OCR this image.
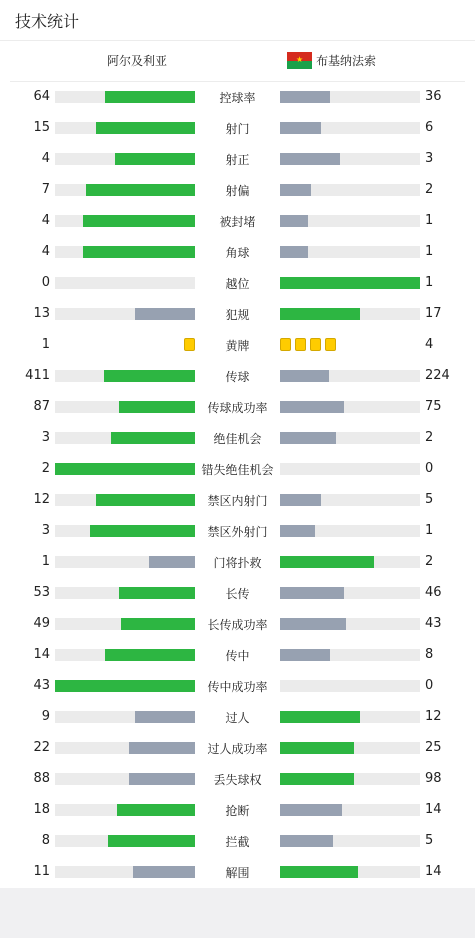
技术统计
阿尔及利亚	★ 布基纳法索
64	控球率	36
15	射门	6
4	射正	3
7	射偏	2
4	被封堵	1
4	角球	1
0	越位	1
13	犯规	17
1	黄牌	4
411	传球	224
87	传球成功率	75
3	绝佳机会	2
2	错失绝佳机会	0
12	禁区内射门	5
3	禁区外射门	1
1	门将扑救	2
53	长传	46
49	长传成功率	43
14	传中	8
43	传中成功率	0
9	过人	12
22	过人成功率	25
88	丢失球权	98
18	抢断	14
8	拦截	5
11	解围	14
